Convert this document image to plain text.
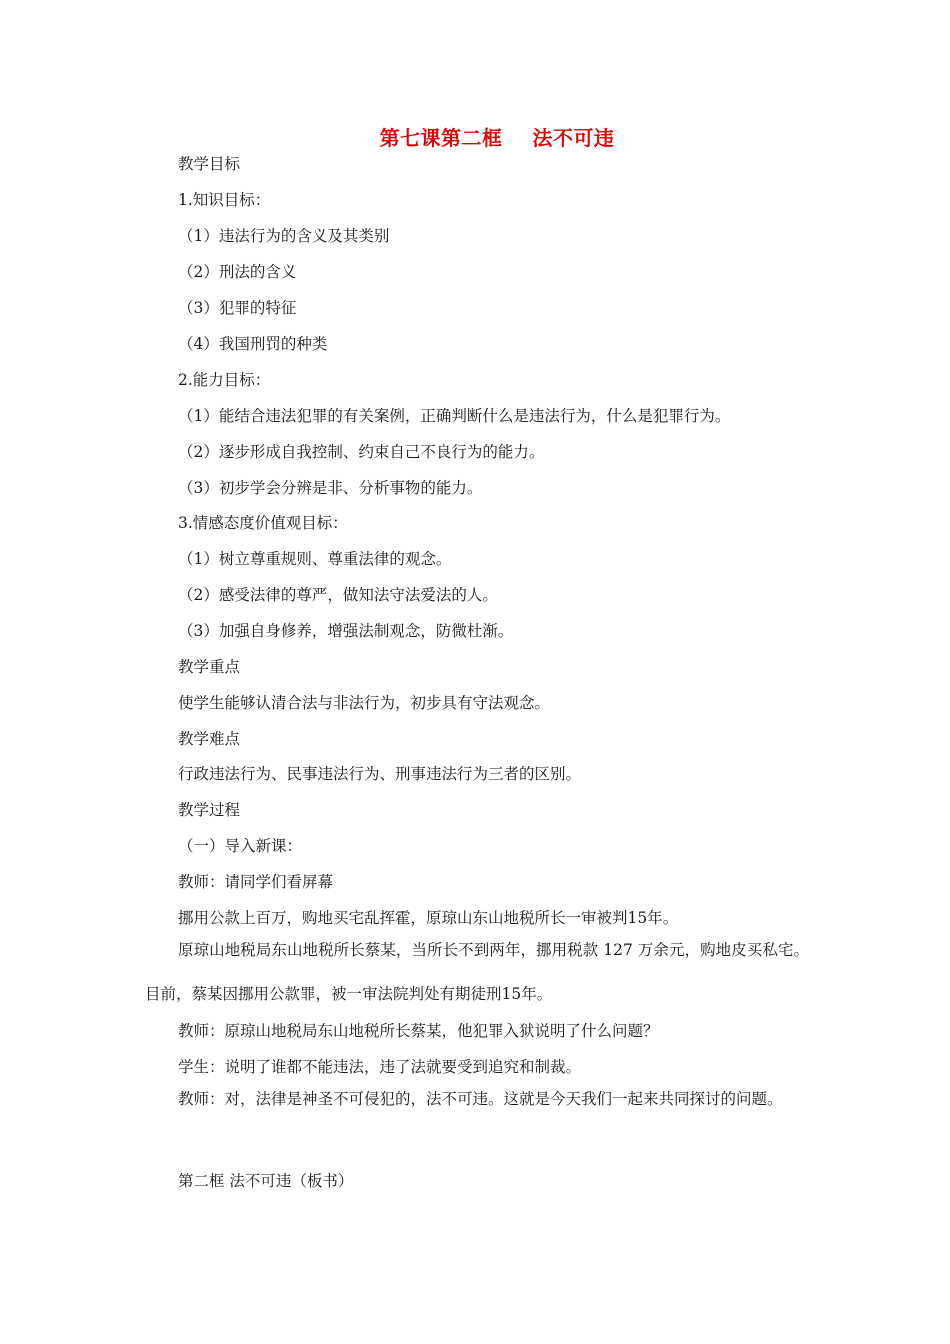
第七课第二框    法不可违
教学目标
1.知识目标：
（1）违法行为的含义及其类别
（2）刑法的含义
（3）犯罪的特征
（4）我国刑罚的种类
2.能力目标：
（1）能结合违法犯罪的有关案例，正确判断什么是违法行为，什么是犯罪行为。
（2）逐步形成自我控制、约束自己不良行为的能力。
（3）初步学会分辨是非、分析事物的能力。
3.情感态度价值观目标：
（1）树立尊重规则、尊重法律的观念。
（2）感受法律的尊严，做知法守法爱法的人。
（3）加强自身修养，增强法制观念，防微杜渐。
教学重点
使学生能够认清合法与非法行为，初步具有守法观念。
教学难点
行政违法行为、民事违法行为、刑事违法行为三者的区别。
教学过程
（一）导入新课：
教师：请同学们看屏幕
挪用公款上百万，购地买宅乱挥霍，原琼山东山地税所长一审被判15年。
原琼山地税局东山地税所长蔡某，当所长不到两年，挪用税款 127 万余元，购地皮买私宅。目前，蔡某因挪用公款罪，被一审法院判处有期徒刑15年。
教师：原琼山地税局东山地税所长蔡某，他犯罪入狱说明了什么问题？
学生：说明了谁都不能违法，违了法就要受到追究和制裁。
教师：对，法律是神圣不可侵犯的，法不可违。这就是今天我们一起来共同探讨的问题。
第二框 法不可违（板书）
